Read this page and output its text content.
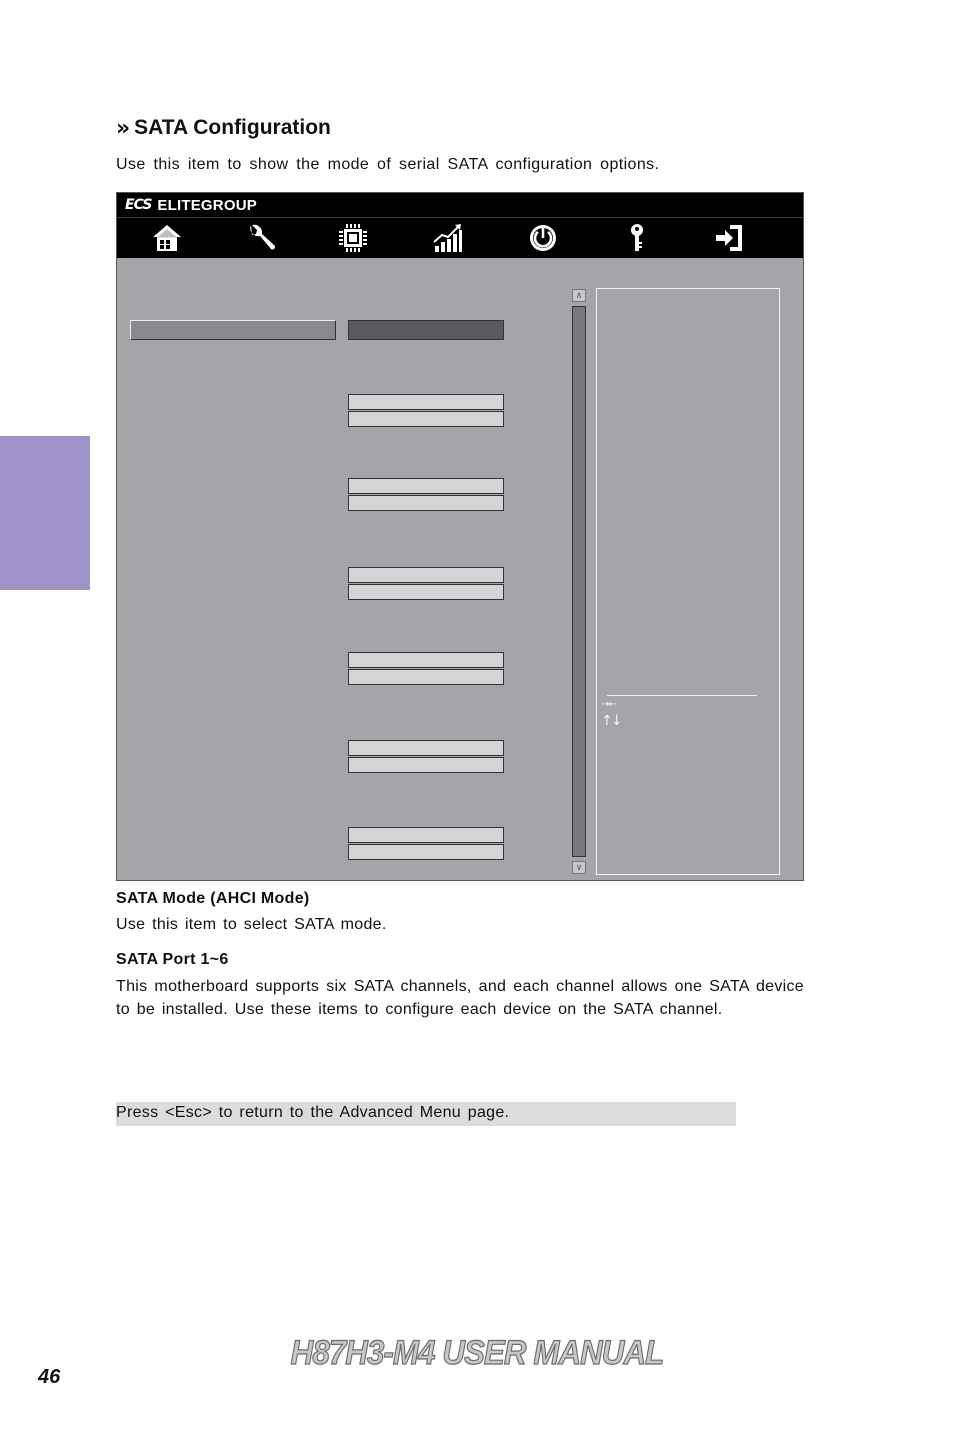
›› SATA Configuration
Use this item to show the mode of serial SATA configuration options.
ECS ELITEGROUP
∧
∨
→←
↑↓
SATA Mode (AHCI Mode)
Use this item to select SATA mode.
SATA Port 1~6
This motherboard supports six SATA channels, and each channel allows one SATA device to be installed. Use these items to configure each device on the SATA channel.
Press <Esc> to return to the Advanced Menu page.
H87H3-M4 USER MANUAL
46
